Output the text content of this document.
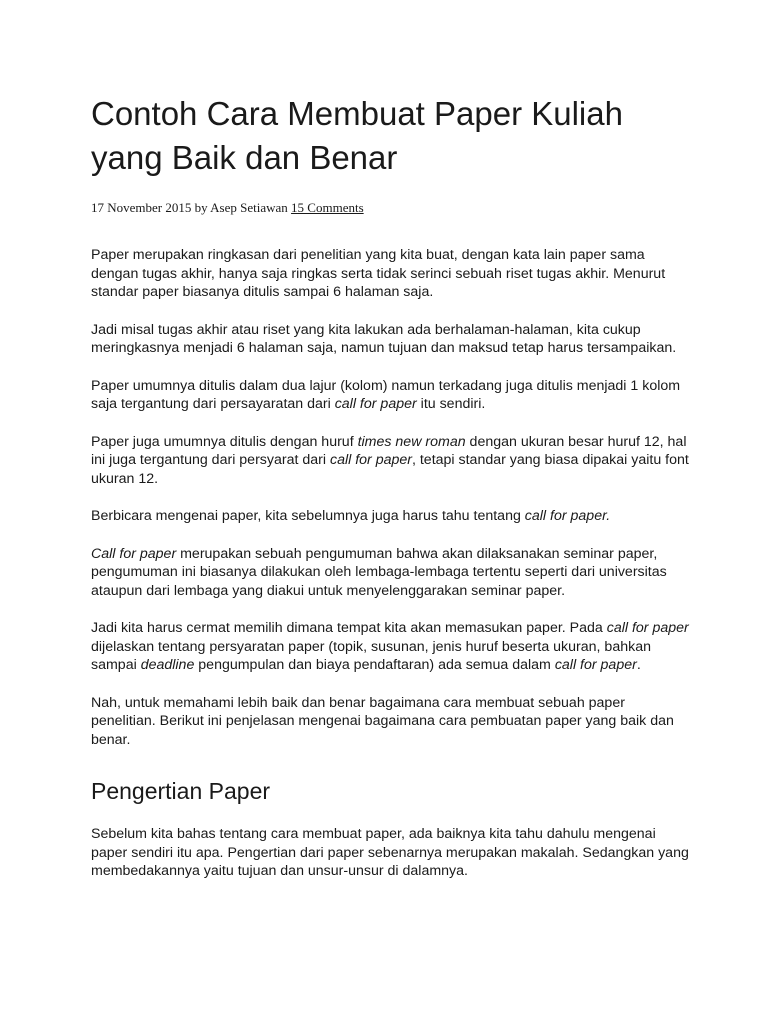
Contoh Cara Membuat Paper Kuliah
yang Baik dan Benar
17 November 2015 by Asep Setiawan 15 Comments

Paper merupakan ringkasan dari penelitian yang kita buat, dengan kata lain paper sama dengan tugas akhir, hanya saja ringkas serta tidak serinci sebuah riset tugas akhir. Menurut standar paper biasanya ditulis sampai 6 halaman saja.

Jadi misal tugas akhir atau riset yang kita lakukan ada berhalaman-halaman, kita cukup meringkasnya menjadi 6 halaman saja, namun tujuan dan maksud tetap harus tersampaikan.

Paper umumnya ditulis dalam dua lajur (kolom) namun terkadang juga ditulis menjadi 1 kolom saja tergantung dari persayaratan dari call for paper itu sendiri.

Paper juga umumnya ditulis dengan huruf times new roman dengan ukuran besar huruf 12, hal ini juga tergantung dari persyarat dari call for paper, tetapi standar yang biasa dipakai yaitu font ukuran 12.

Berbicara mengenai paper, kita sebelumnya juga harus tahu tentang call for paper.

Call for paper merupakan sebuah pengumuman bahwa akan dilaksanakan seminar paper, pengumuman ini biasanya dilakukan oleh lembaga-lembaga tertentu seperti dari universitas ataupun dari lembaga yang diakui untuk menyelenggarakan seminar paper.

Jadi kita harus cermat memilih dimana tempat kita akan memasukan paper. Pada call for paper dijelaskan tentang persyaratan paper (topik, susunan, jenis huruf beserta ukuran, bahkan sampai deadline pengumpulan dan biaya pendaftaran) ada semua dalam call for paper.

Nah, untuk memahami lebih baik dan benar bagaimana cara membuat sebuah paper penelitian. Berikut ini penjelasan mengenai bagaimana cara pembuatan paper yang baik dan benar.

Pengertian Paper

Sebelum kita bahas tentang cara membuat paper, ada baiknya kita tahu dahulu mengenai paper sendiri itu apa. Pengertian dari paper sebenarnya merupakan makalah. Sedangkan yang membedakannya yaitu tujuan dan unsur-unsur di dalamnya.
